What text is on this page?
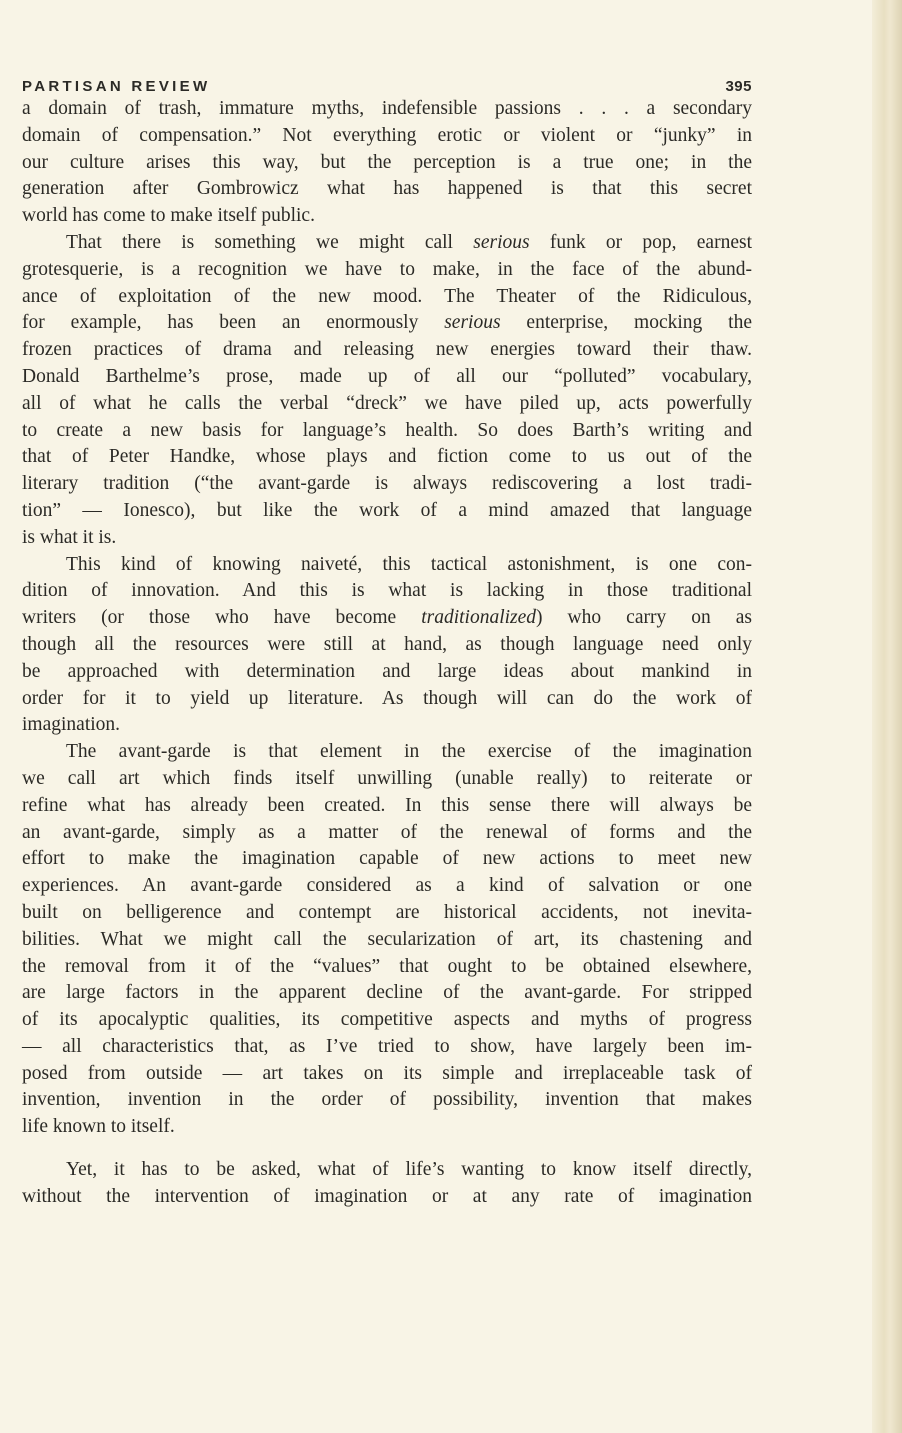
PARTISAN REVIEW	395
a domain of trash, immature myths, indefensible passions . . . a secondary
domain of compensation.” Not everything erotic or violent or “junky” in
our culture arises this way, but the perception is a true one; in the
generation after Gombrowicz what has happened is that this secret
world has come to make itself public.
That there is something we might call serious funk or pop, earnest
grotesquerie, is a recognition we have to make, in the face of the abund-
ance of exploitation of the new mood. The Theater of the Ridiculous,
for example, has been an enormously serious enterprise, mocking the
frozen practices of drama and releasing new energies toward their thaw.
Donald Barthelme’s prose, made up of all our “polluted” vocabulary,
all of what he calls the verbal “dreck” we have piled up, acts powerfully
to create a new basis for language’s health. So does Barth’s writing and
that of Peter Handke, whose plays and fiction come to us out of the
literary tradition (“the avant-garde is always rediscovering a lost tradi-
tion” — Ionesco), but like the work of a mind amazed that language
is what it is.
This kind of knowing naiveté, this tactical astonishment, is one con-
dition of innovation. And this is what is lacking in those traditional
writers (or those who have become traditionalized) who carry on as
though all the resources were still at hand, as though language need only
be approached with determination and large ideas about mankind in
order for it to yield up literature. As though will can do the work of
imagination.
The avant-garde is that element in the exercise of the imagination
we call art which finds itself unwilling (unable really) to reiterate or
refine what has already been created. In this sense there will always be
an avant-garde, simply as a matter of the renewal of forms and the
effort to make the imagination capable of new actions to meet new
experiences. An avant-garde considered as a kind of salvation or one
built on belligerence and contempt are historical accidents, not inevita-
bilities. What we might call the secularization of art, its chastening and
the removal from it of the “values” that ought to be obtained elsewhere,
are large factors in the apparent decline of the avant-garde. For stripped
of its apocalyptic qualities, its competitive aspects and myths of progress
— all characteristics that, as I’ve tried to show, have largely been im-
posed from outside — art takes on its simple and irreplaceable task of
invention, invention in the order of possibility, invention that makes
life known to itself.
Yet, it has to be asked, what of life’s wanting to know itself directly,
without the intervention of imagination or at any rate of imagination
